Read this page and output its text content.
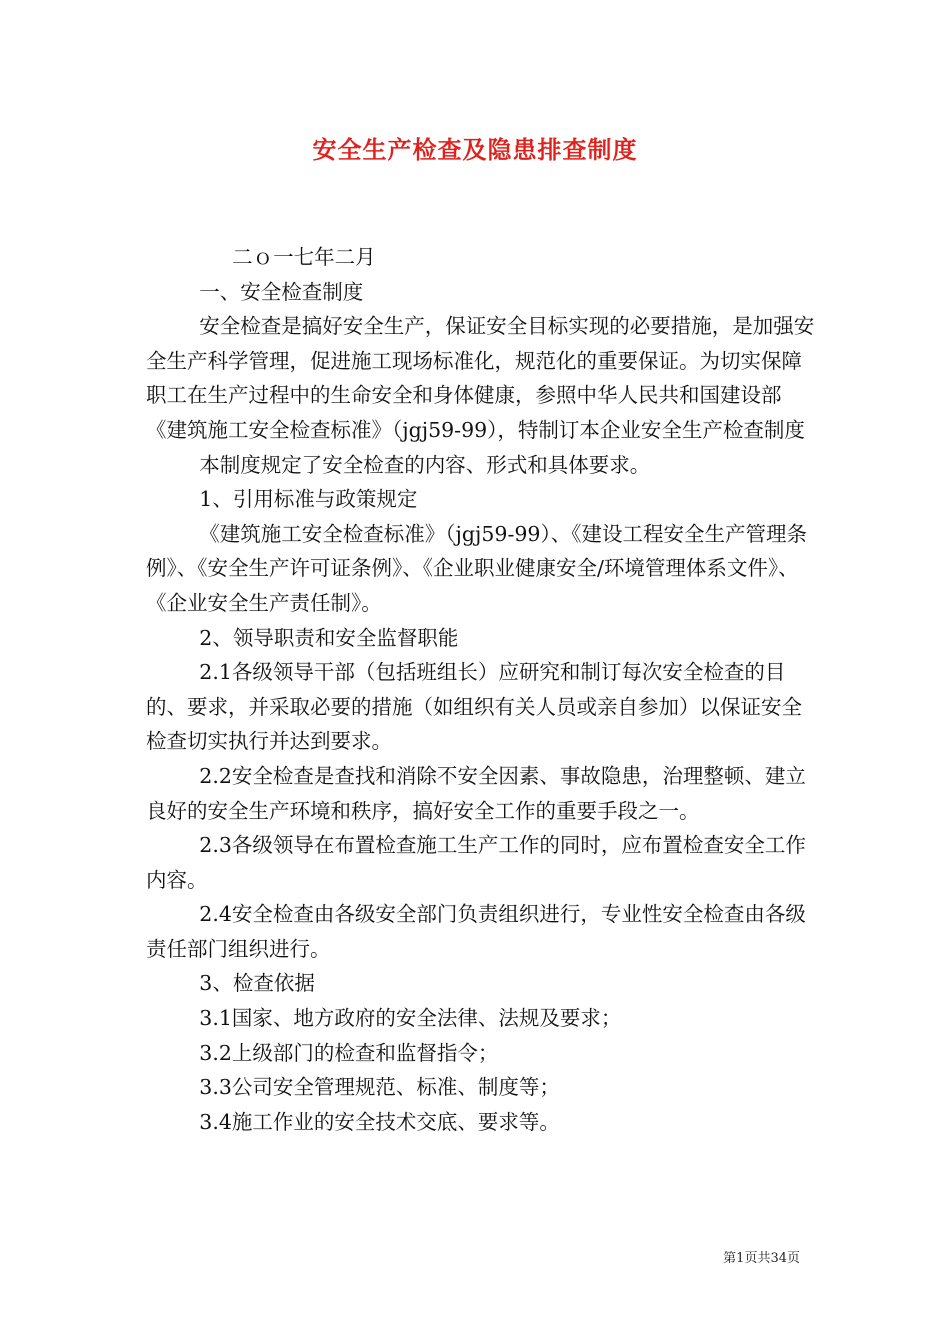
安全生产检查及隐患排查制度

二ｏ一七年二月

一、安全检查制度

安全检查是搞好安全生产，保证安全目标实现的必要措施，是加强安全生产科学管理，促进施工现场标准化，规范化的重要保证。为切实保障职工在生产过程中的生命安全和身体健康，参照中华人民共和国建设部《建筑施工安全检查标准》（jgj59-99），特制订本企业安全生产检查制度

本制度规定了安全检查的内容、形式和具体要求。

1、引用标准与政策规定

《建筑施工安全检查标准》（jgj59-99）、《建设工程安全生产管理条例》、《安全生产许可证条例》、《企业职业健康安全/环境管理体系文件》、《企业安全生产责任制》。

2、领导职责和安全监督职能

2.1各级领导干部（包括班组长）应研究和制订每次安全检查的目的、要求，并采取必要的措施（如组织有关人员或亲自参加）以保证安全检查切实执行并达到要求。

2.2安全检查是查找和消除不安全因素、事故隐患，治理整顿、建立良好的安全生产环境和秩序，搞好安全工作的重要手段之一。

2.3各级领导在布置检查施工生产工作的同时，应布置检查安全工作内容。

2.4安全检查由各级安全部门负责组织进行，专业性安全检查由各级责任部门组织进行。

3、检查依据

3.1国家、地方政府的安全法律、法规及要求；

3.2上级部门的检查和监督指令；

3.3公司安全管理规范、标准、制度等；

3.4施工作业的安全技术交底、要求等。

第1页共34页
